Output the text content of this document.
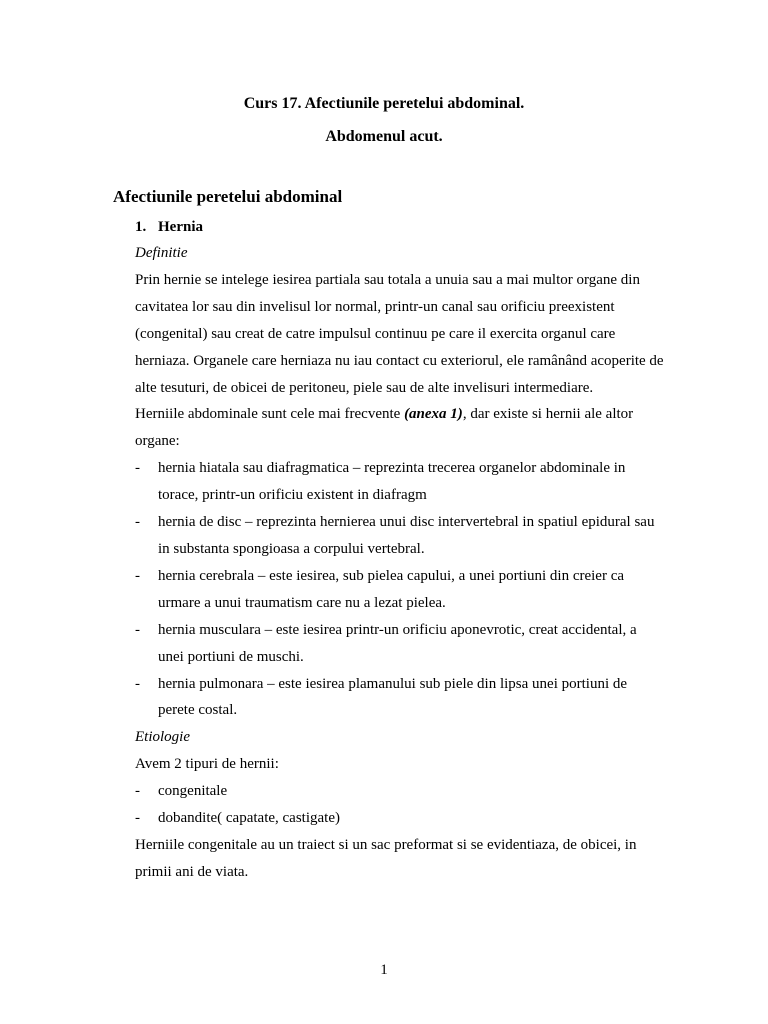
Curs 17. Afectiunile peretelui abdominal.
Abdomenul acut.
Afectiunile peretelui abdominal
1. Hernia

Definitie

Prin hernie se intelege iesirea partiala sau totala a unuia sau a mai multor organe din cavitatea lor sau din invelisul lor normal, printr-un canal sau orificiu preexistent (congenital) sau creat de catre impulsul continuu pe care il exercita organul care herniaza. Organele care herniaza nu iau contact cu exteriorul, ele ramânând acoperite de alte tesuturi, de obicei de peritoneu, piele sau de alte invelisuri intermediare.

Herniile abdominale sunt cele mai frecvente (anexa 1), dar existe si hernii ale altor organe:

- hernia hiatala sau diafragmatica – reprezinta trecerea organelor abdominale in torace, printr-un orificiu existent in diafragm
- hernia de disc – reprezinta hernierea unui disc intervertebral in spatiul epidural sau in substanta spongioasa a corpului vertebral.
- hernia cerebrala – este iesirea, sub pielea capului, a unei portiuni din creier ca urmare a unui traumatism care nu a lezat pielea.
- hernia musculara – este iesirea printr-un orificiu aponevrotic, creat accidental, a unei portiuni de muschi.
- hernia pulmonara – este iesirea plamanului sub piele din lipsa unei portiuni de perete costal.

Etiologie

Avem 2 tipuri de hernii:

- congenitale
- dobandite( capatate, castigate)

Herniile congenitale au un traiect si un sac preformat si se evidentiaza, de obicei, in primii ani de viata.

1
